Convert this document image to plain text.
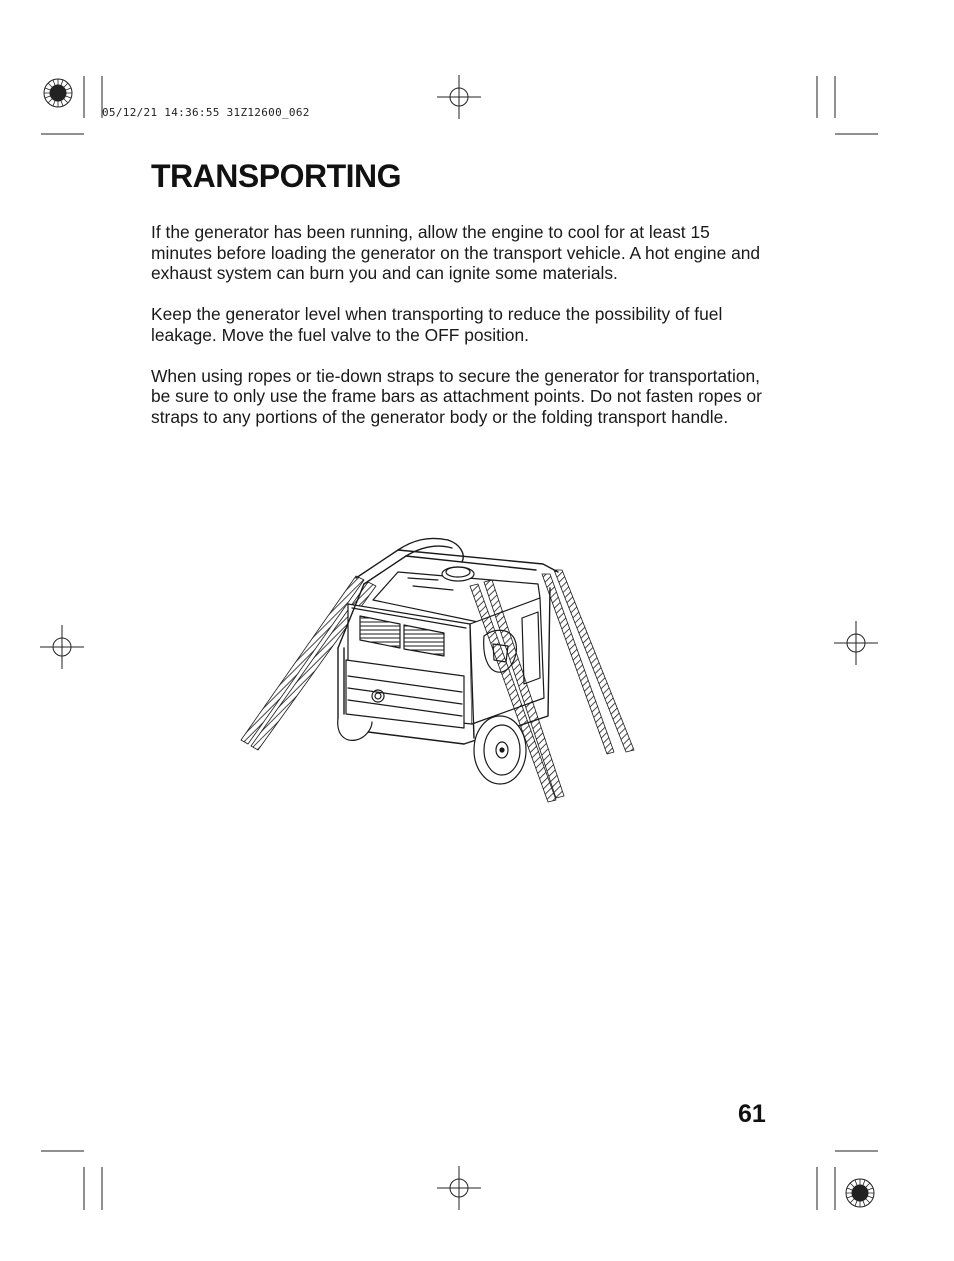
05/12/21 14:36:55 31Z12600_062
TRANSPORTING

If the generator has been running, allow the engine to cool for at least 15 minutes before loading the generator on the transport vehicle. A hot engine and exhaust system can burn you and can ignite some materials.

Keep the generator level when transporting to reduce the possibility of fuel leakage. Move the fuel valve to the OFF position.

When using ropes or tie-down straps to secure the generator for transportation, be sure to only use the frame bars as attachment points. Do not fasten ropes or straps to any portions of the generator body or the folding transport handle.

61
